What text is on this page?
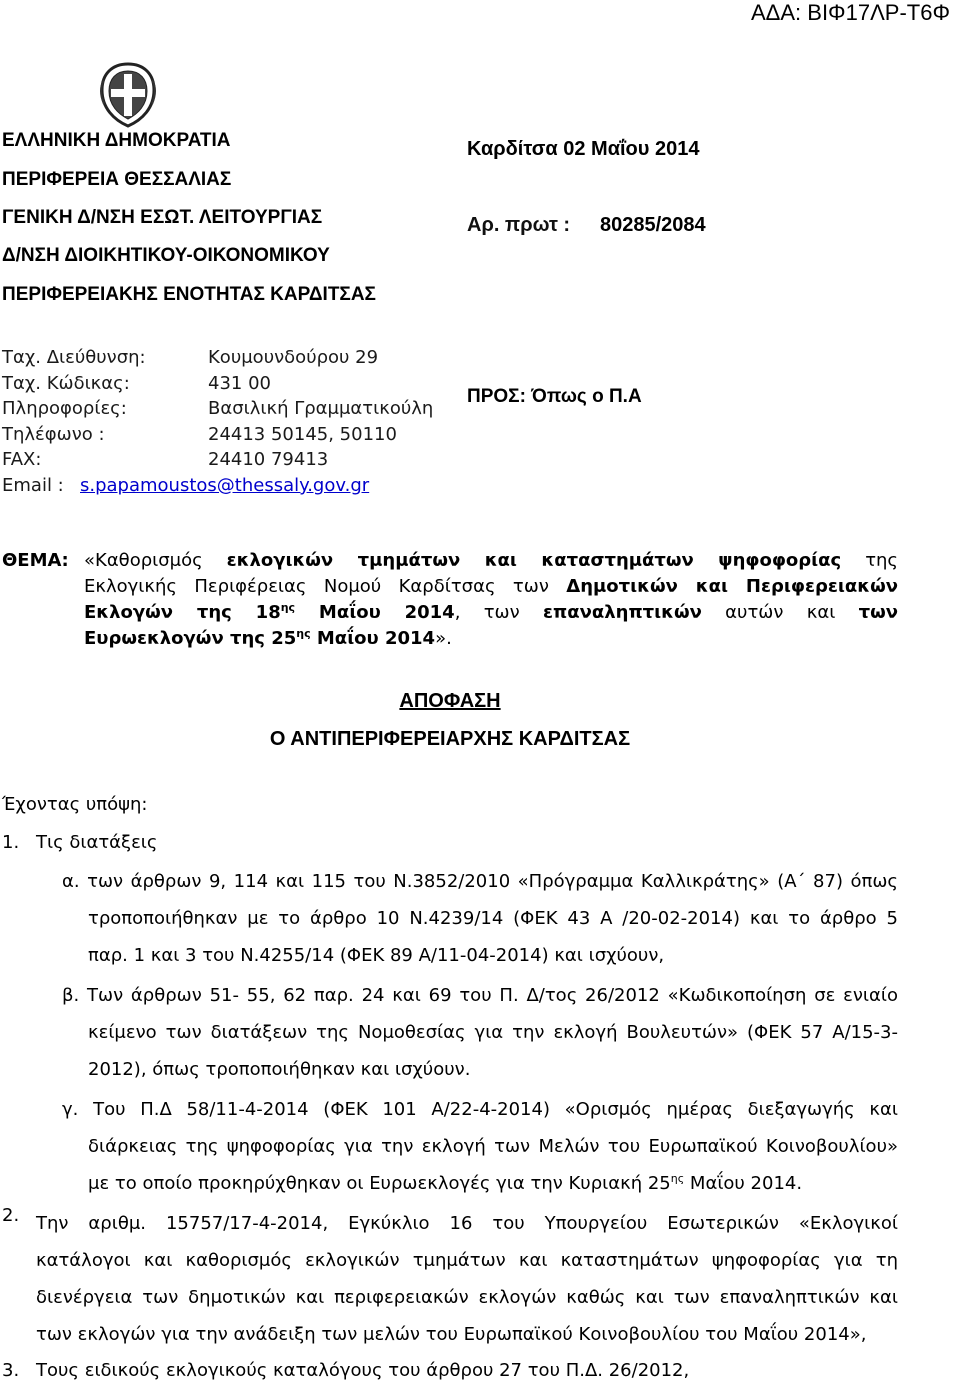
ΑΔΑ: ΒΙΦ17ΛΡ-Τ6Φ
ΕΛΛΗΝΙΚΗ ΔΗΜΟΚΡΑΤΙΑ
ΠΕΡΙΦΕΡΕΙΑ ΘΕΣΣΑΛΙΑΣ
ΓΕΝΙΚΗ Δ/ΝΣΗ ΕΣΩΤ. ΛΕΙΤΟΥΡΓΙΑΣ
Δ/ΝΣΗ ΔΙΟΙΚΗΤΙΚΟΥ-ΟΙΚΟΝΟΜΙΚΟΥ
ΠΕΡΙΦΕΡΕΙΑΚΗΣ ΕΝΟΤΗΤΑΣ ΚΑΡΔΙΤΣΑΣ
Καρδίτσα 02 Μαΐου 2014
Αρ. πρωτ : 80285/2084
Ταχ. Διεύθυνση:	Κουμουνδούρου 29
Ταχ. Κώδικας:	431 00
Πληροφορίες:	Βασιλική Γραμματικούλη
Τηλέφωνο :	24413 50145, 50110
FAX:	24410 79413
Email : s.papamoustos@thessaly.gov.gr
ΠΡΟΣ: Όπως ο Π.Α
ΘΕΜΑ: «Καθορισμός εκλογικών τμημάτων και καταστημάτων ψηφοφορίας της
Εκλογικής Περιφέρειας Νομού Καρδίτσας των Δημοτικών και Περιφερειακών
Εκλογών της $18^{\eta\varsigma}$ Μαΐου 2014, των επαναληπτικών αυτών και των
Ευρωεκλογών της $25^{\eta\varsigma}$ Μαΐου 2014».
ΑΠΟΦΑΣΗ
Ο ΑΝΤΙΠΕΡΙΦΕΡΕΙΑΡΧΗΣ ΚΑΡΔΙΤΣΑΣ
Έχοντας υπόψη:
1. Τις διατάξεις
α. των άρθρων 9, 114 και 115 του Ν.3852/2010 «Πρόγραμμα Καλλικράτης» (Α΄ 87) όπως
τροποποιήθηκαν με το άρθρο 10 Ν.4239/14 (ΦΕΚ 43 Α /20-02-2014) και το άρθρο 5
παρ. 1 και 3 του Ν.4255/14 (ΦΕΚ 89 Α/11-04-2014) και ισχύουν,
β. Των άρθρων 51- 55, 62 παρ. 24 και 69 του Π. Δ/τος 26/2012 «Κωδικοποίηση σε ενιαίο
κείμενο των διατάξεων της Νομοθεσίας για την εκλογή Βουλευτών» (ΦΕΚ 57 Α/15-3-
2012), όπως τροποποιήθηκαν και ισχύουν.
γ. Του Π.Δ 58/11-4-2014 (ΦΕΚ 101 Α/22-4-2014) «Ορισμός ημέρας διεξαγωγής και
διάρκειας της ψηφοφορίας για την εκλογή των Μελών του Ευρωπαϊκού Κοινοβουλίου»
με το οποίο προκηρύχθηκαν οι Ευρωεκλογές για την Κυριακή $25^{\eta\varsigma}$ Μαΐου 2014.
2. Την αριθμ. 15757/17-4-2014, Εγκύκλιο 16 του Υπουργείου Εσωτερικών «Εκλογικοί
κατάλογοι και καθορισμός εκλογικών τμημάτων και καταστημάτων ψηφοφορίας για τη
διενέργεια των δημοτικών και περιφερειακών εκλογών καθώς και των επαναληπτικών και
των εκλογών για την ανάδειξη των μελών του Ευρωπαϊκού Κοινοβουλίου του Μαΐου 2014»,
3. Τους ειδικούς εκλογικούς καταλόγους του άρθρου 27 του Π.Δ. 26/2012,
